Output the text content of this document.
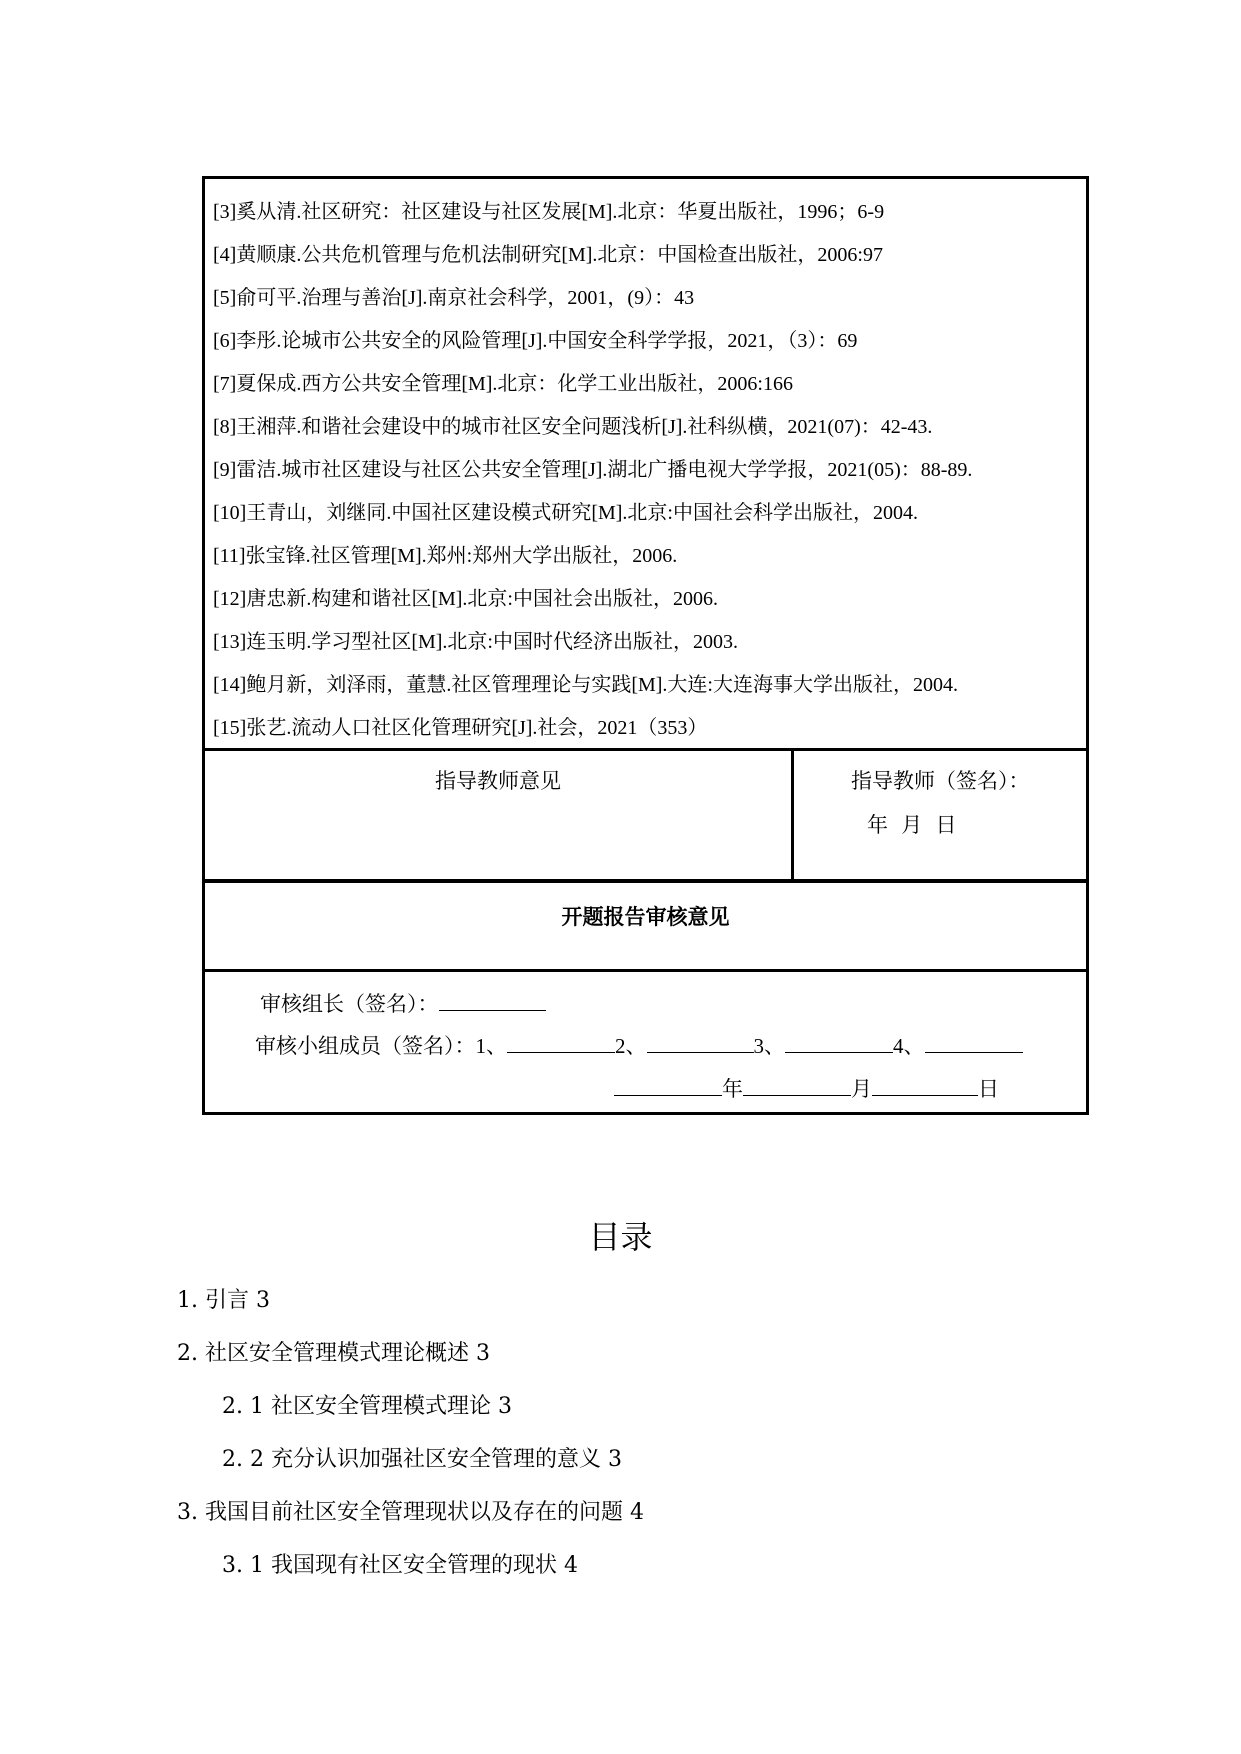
[3]奚从清.社区研究：社区建设与社区发展[M].北京：华夏出版社，1996；6-9
[4]黄顺康.公共危机管理与危机法制研究[M].北京：中国检查出版社，2006:97
[5]俞可平.治理与善治[J].南京社会科学，2001，(9）：43
[6]李彤.论城市公共安全的风险管理[J].中国安全科学学报，2021，（3）：69
[7]夏保成.西方公共安全管理[M].北京：化学工业出版社，2006:166
[8]王湘萍.和谐社会建设中的城市社区安全问题浅析[J].社科纵横，2021(07)：42-43.
[9]雷洁.城市社区建设与社区公共安全管理[J].湖北广播电视大学学报，2021(05)：88-89.
[10]王青山，刘继同.中国社区建设模式研究[M].北京:中国社会科学出版社，2004.
[11]张宝锋.社区管理[M].郑州:郑州大学出版社，2006.
[12]唐忠新.构建和谐社区[M].北京:中国社会出版社，2006.
[13]连玉明.学习型社区[M].北京:中国时代经济出版社，2003.
[14]鲍月新，刘泽雨，董慧.社区管理理论与实践[M].大连:大连海事大学出版社，2004.
[15]张艺.流动人口社区化管理研究[J].社会，2021（353）
指导教师意见	指导教师（签名）：
年 月 日
开题报告审核意见
审核组长（签名）：
审核小组成员（签名）：1、	2、	3、	4、
年	月	日
目录
1. 引言 3
2. 社区安全管理模式理论概述 3
2. 1 社区安全管理模式理论 3
2. 2 充分认识加强社区安全管理的意义 3
3. 我国目前社区安全管理现状以及存在的问题 4
3. 1 我国现有社区安全管理的现状 4
